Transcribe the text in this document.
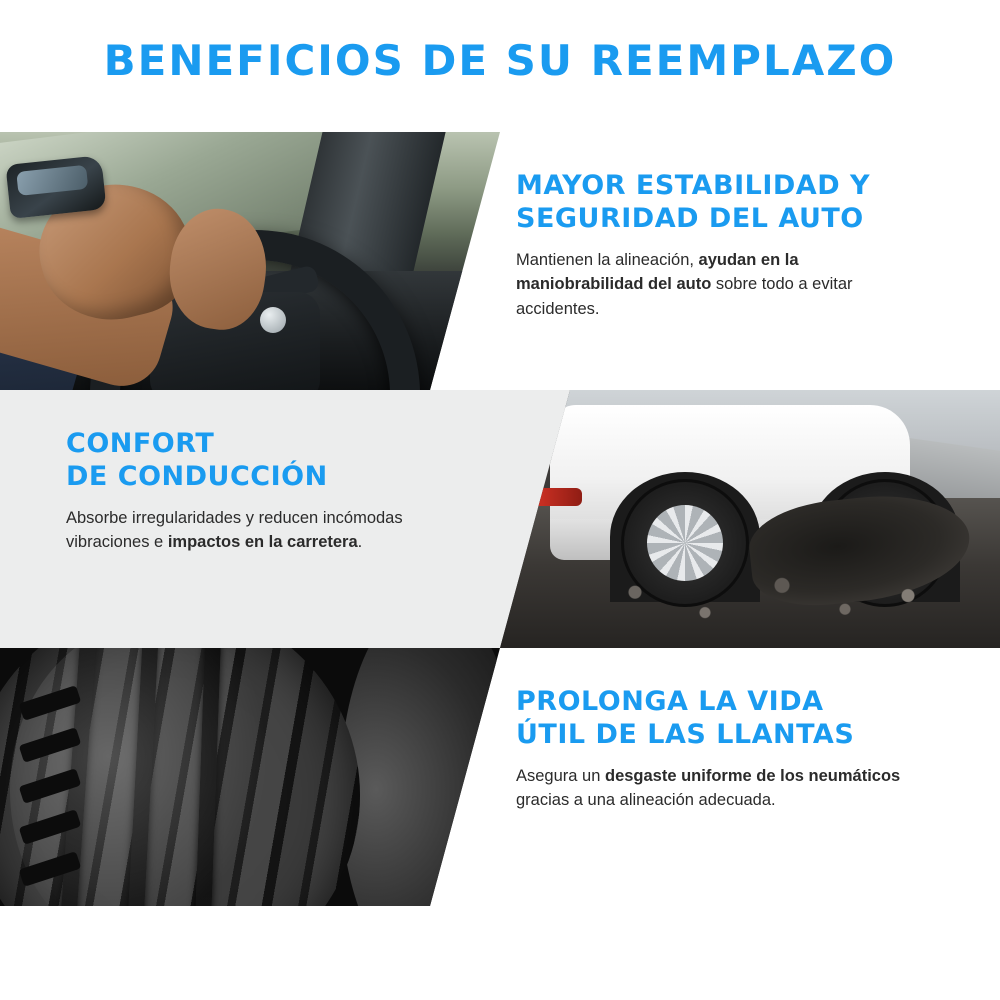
BENEFICIOS DE SU REEMPLAZO
MAYOR ESTABILIDAD Y
SEGURIDAD DEL AUTO
Mantienen la alineación, ayudan en la maniobrabilidad del auto sobre todo a evitar accidentes.
CONFORT
DE CONDUCCIÓN
Absorbe irregularidades y reducen incómodas vibraciones e impactos en la carretera.
PROLONGA LA VIDA
ÚTIL DE LAS LLANTAS
Asegura un desgaste uniforme de los neumáticos gracias a una alineación adecuada.
